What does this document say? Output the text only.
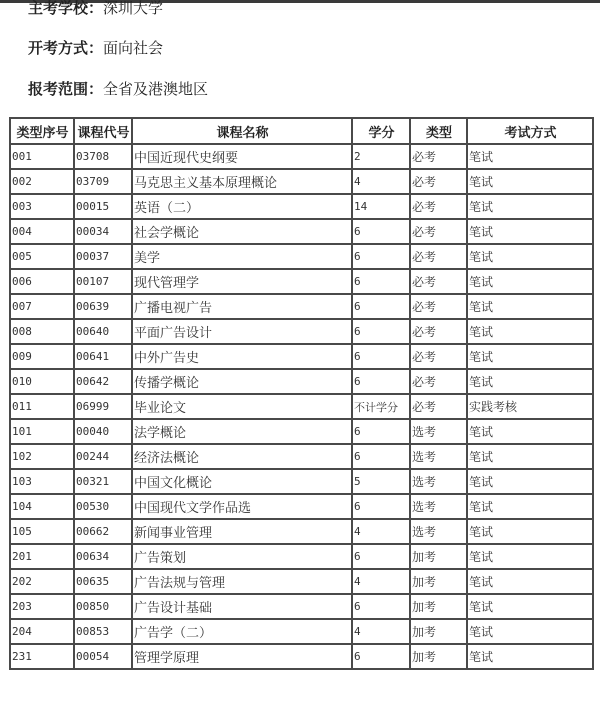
主考学校：深圳大学
开考方式：面向社会
报考范围：全省及港澳地区
类型序号	课程代号	课程名称	学分	类型	考试方式
001	03708	中国近现代史纲要	2	必考	笔试
002	03709	马克思主义基本原理概论	4	必考	笔试
003	00015	英语（二）	14	必考	笔试
004	00034	社会学概论	6	必考	笔试
005	00037	美学	6	必考	笔试
006	00107	现代管理学	6	必考	笔试
007	00639	广播电视广告	6	必考	笔试
008	00640	平面广告设计	6	必考	笔试
009	00641	中外广告史	6	必考	笔试
010	00642	传播学概论	6	必考	笔试
011	06999	毕业论文	不计学分	必考	实践考核
101	00040	法学概论	6	选考	笔试
102	00244	经济法概论	6	选考	笔试
103	00321	中国文化概论	5	选考	笔试
104	00530	中国现代文学作品选	6	选考	笔试
105	00662	新闻事业管理	4	选考	笔试
201	00634	广告策划	6	加考	笔试
202	00635	广告法规与管理	4	加考	笔试
203	00850	广告设计基础	6	加考	笔试
204	00853	广告学（二）	4	加考	笔试
231	00054	管理学原理	6	加考	笔试
